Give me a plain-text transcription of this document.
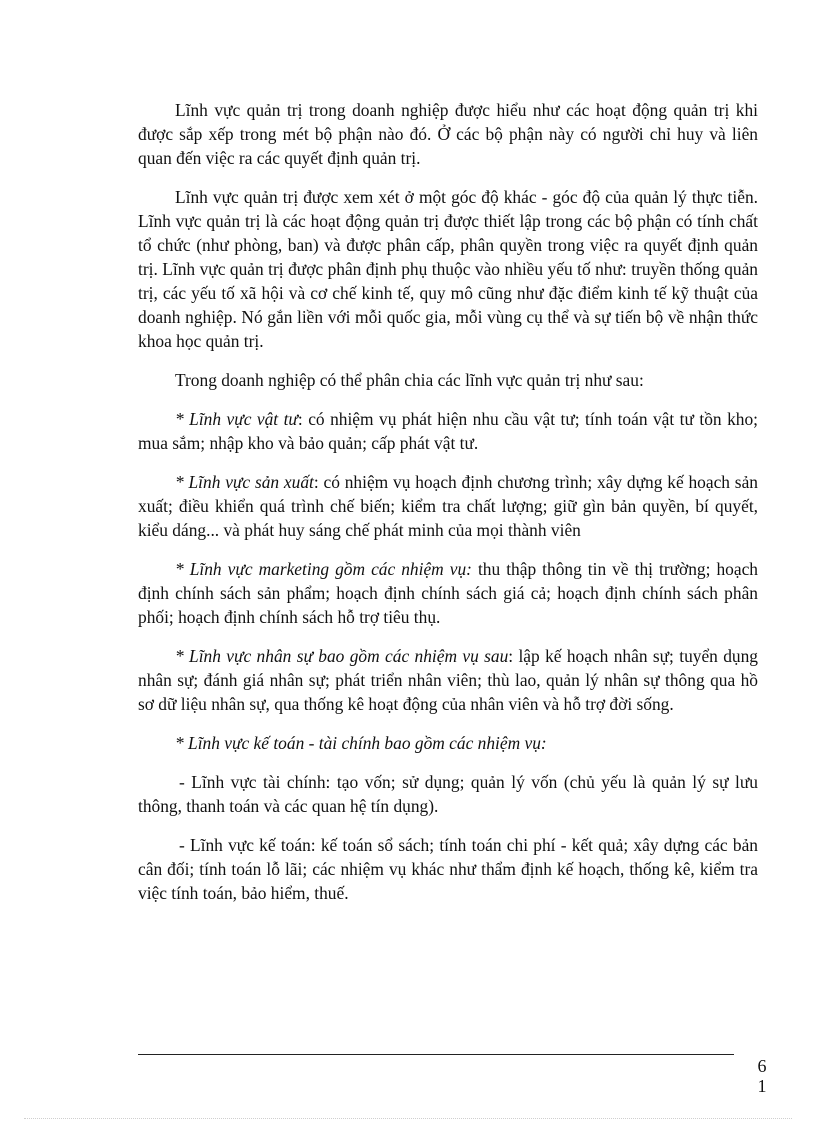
Lĩnh vực quản trị trong doanh nghiệp được hiểu như các hoạt động quản trị khi được sắp xếp trong mét bộ phận nào đó. Ở các bộ phận này có người chỉ huy và liên quan đến việc ra các quyết định quản trị.

Lĩnh vực quản trị được xem xét ở một góc độ khác - góc độ của quản lý thực tiễn. Lĩnh vực quản trị là các hoạt động quản trị được thiết lập trong các bộ phận có tính chất tổ chức (như phòng, ban) và được phân cấp, phân quyền trong việc ra quyết định quản trị. Lĩnh vực quản trị được phân định phụ thuộc vào nhiều yếu tố như: truyền thống quản trị, các yếu tố xã hội và cơ chế kinh tế, quy mô cũng như đặc điểm kinh tế kỹ thuật của doanh nghiệp. Nó gắn liền với mỗi quốc gia, mỗi vùng cụ thể và sự tiến bộ về nhận thức khoa học quản trị.

Trong doanh nghiệp có thể phân chia các lĩnh vực quản trị như sau:

* Lĩnh vực vật tư: có nhiệm vụ phát hiện nhu cầu vật tư; tính toán vật tư tồn kho; mua sắm; nhập kho và bảo quản; cấp phát vật tư.

* Lĩnh vực sản xuất: có nhiệm vụ hoạch định chương trình; xây dựng kế hoạch sản xuất; điều khiển quá trình chế biến; kiểm tra chất lượng; giữ gìn bản quyền, bí quyết, kiểu dáng... và phát huy sáng chế phát minh của mọi thành viên

* Lĩnh vực marketing gồm các nhiệm vụ: thu thập thông tin về thị trường; hoạch định chính sách sản phẩm; hoạch định chính sách giá cả; hoạch định chính sách phân phối; hoạch định chính sách hỗ trợ tiêu thụ.

* Lĩnh vực nhân sự bao gồm các nhiệm vụ sau: lập kế hoạch nhân sự; tuyển dụng nhân sự; đánh giá nhân sự; phát triển nhân viên; thù lao, quản lý nhân sự thông qua hồ sơ dữ liệu nhân sự, qua thống kê hoạt động của nhân viên và hỗ trợ đời sống.

* Lĩnh vực kế toán - tài chính bao gồm các nhiệm vụ:

- Lĩnh vực tài chính: tạo vốn; sử dụng; quản lý vốn (chủ yếu là quản lý sự lưu thông, thanh toán và các quan hệ tín dụng).

- Lĩnh vực kế toán: kế toán sổ sách; tính toán chi phí - kết quả; xây dựng các bản cân đối; tính toán lỗ lãi; các nhiệm vụ khác như thẩm định kế hoạch, thống kê, kiểm tra việc tính toán, bảo hiểm, thuế.

6
1
